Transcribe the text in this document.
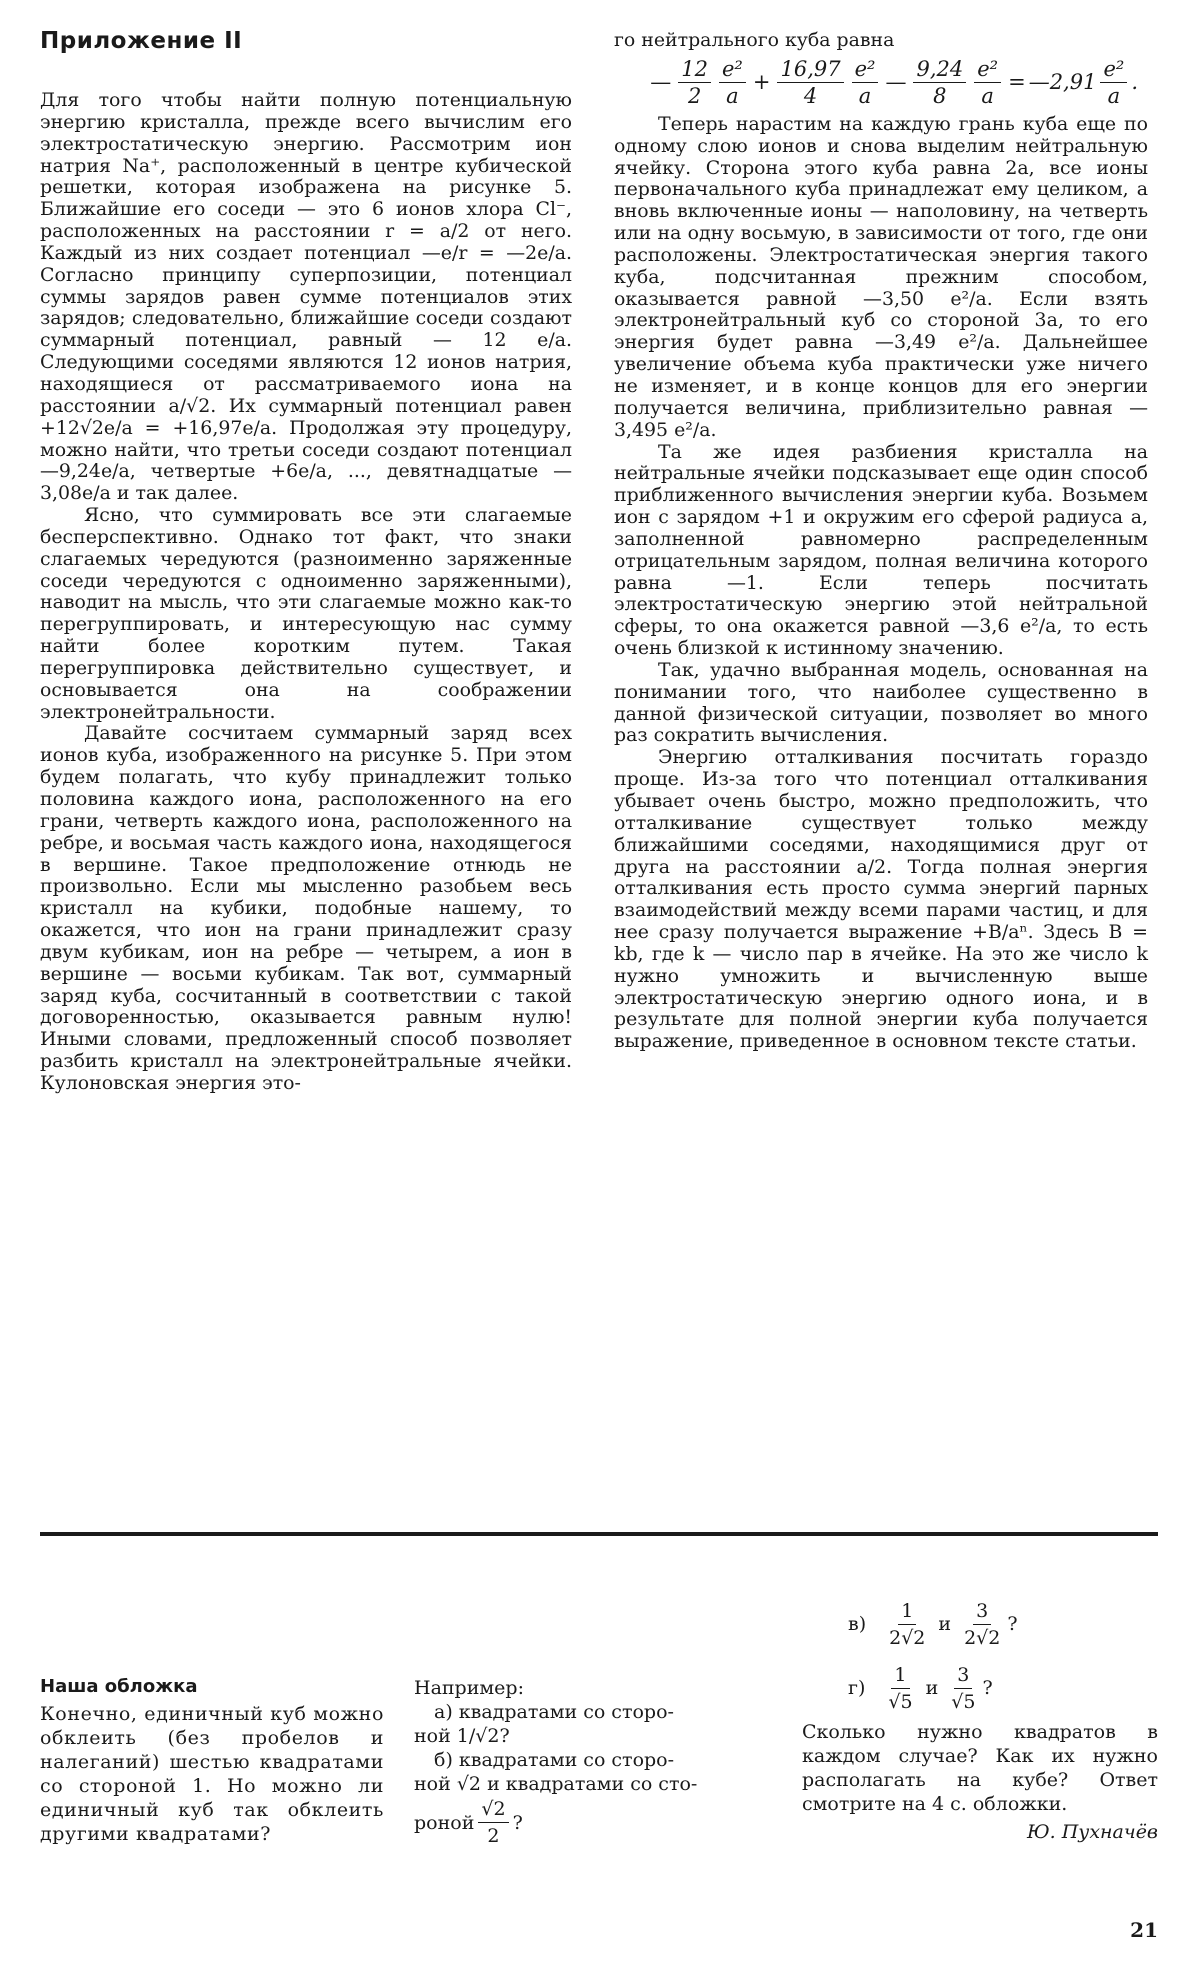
Приложение II

Для того чтобы найти полную потенциальную энергию кристалла, прежде всего вычислим его электростатическую энергию. Рассмотрим ион натрия Na⁺, расположенный в центре кубической решетки, которая изображена на рисунке 5. Ближайшие его соседи — это 6 ионов хлора Cl⁻, расположенных на расстоянии r = a/2 от него. Каждый из них создает потенциал —e/r = —2e/a. Согласно принципу суперпозиции, потенциал суммы зарядов равен сумме потенциалов этих зарядов; следовательно, ближайшие соседи создают суммарный потенциал, равный — 12 e/a. Следующими соседями являются 12 ионов натрия, находящиеся от рассматриваемого иона на расстоянии a/√2. Их суммарный потенциал равен +12√2e/a = +16,97e/a. Продолжая эту процедуру, можно найти, что третьи соседи создают потенциал —9,24e/a, четвертые +6e/a, ..., девятнадцатые —3,08e/a и так далее.

Ясно, что суммировать все эти слагаемые бесперспективно. Однако тот факт, что знаки слагаемых чередуются (разноименно заряженные соседи чередуются с одноименно заряженными), наводит на мысль, что эти слагаемые можно как-то перегруппировать, и интересующую нас сумму найти более коротким путем. Такая перегруппировка действительно существует, и основывается она на соображении электронейтральности.

Давайте сосчитаем суммарный заряд всех ионов куба, изображенного на рисунке 5. При этом будем полагать, что кубу принадлежит только половина каждого иона, расположенного на его грани, четверть каждого иона, расположенного на ребре, и восьмая часть каждого иона, находящегося в вершине. Такое предположение отнюдь не произвольно. Если мы мысленно разобьем весь кристалл на кубики, подобные нашему, то окажется, что ион на грани принадлежит сразу двум кубикам, ион на ребре — четырем, а ион в вершине — восьми кубикам. Так вот, суммарный заряд куба, сосчитанный в соответствии с такой договоренностью, оказывается равным нулю! Иными словами, предложенный способ позволяет разбить кристалл на электронейтральные ячейки. Кулоновская энергия это-

го нейтрального куба равна

— $\frac{12}{2} \frac{\text{e²}}{a} + \frac{16,97}{4} \frac{\text{e²}}{a}$ — $\frac{9,24}{8} \frac{\text{e²}}{a}$ = —2,91 $\frac{\text{e²}}{a}$ .

Теперь нарастим на каждую грань куба еще по одному слою ионов и снова выделим нейтральную ячейку. Сторона этого куба равна 2a, все ионы первоначального куба принадлежат ему целиком, а вновь включенные ионы — наполовину, на четверть или на одну восьмую, в зависимости от того, где они расположены. Электростатическая энергия такого куба, подсчитанная прежним способом, оказывается равной —3,50 e²/a. Если взять электронейтральный куб со стороной 3a, то его энергия будет равна —3,49 e²/a. Дальнейшее увеличение объема куба практически уже ничего не изменяет, и в конце концов для его энергии получается величина, приблизительно равная —3,495 e²/a.

Та же идея разбиения кристалла на нейтральные ячейки подсказывает еще один способ приближенного вычисления энергии куба. Возьмем ион с зарядом +1 и окружим его сферой радиуса a, заполненной равномерно распределенным отрицательным зарядом, полная величина которого равна —1. Если теперь посчитать электростатическую энергию этой нейтральной сферы, то она окажется равной —3,6 e²/a, то есть очень близкой к истинному значению.

Так, удачно выбранная модель, основанная на понимании того, что наиболее существенно в данной физической ситуации, позволяет во много раз сократить вычисления.

Энергию отталкивания посчитать гораздо проще. Из-за того что потенциал отталкивания убывает очень быстро, можно предположить, что отталкивание существует только между ближайшими соседями, находящимися друг от друга на расстоянии a/2. Тогда полная энергия отталкивания есть просто сумма энергий парных взаимодействий между всеми парами частиц, и для нее сразу получается выражение +B/aⁿ. Здесь B = kb, где k — число пар в ячейке. На это же число k нужно умножить и вычисленную выше электростатическую энергию одного иона, и в результате для полной энергии куба получается выражение, приведенное в основном тексте статьи.

Наша обложка
Конечно, единичный куб можно обклеить (без пробелов и налеганий) шестью квадратами со стороной 1. Но можно ли единичный куб так обклеить другими квадратами?
Например:
а) квадратами со сторо-
ной 1/√2?
б) квадратами со сторо-
ной
√2
и квадратами со сто-
роной $\frac{√2}{2}$ ?
$в) \frac{1}{2√2}$ и $\frac{3}{2√2}$ ?
$г) \frac{1}{√5}$ и $\frac{3}{√5}$ ?
Сколько нужно квадратов в каждом случае? Как их нужно располагать на кубе? Ответ смотрите на 4 с. обложки.
Ю. Пухначёв
21
